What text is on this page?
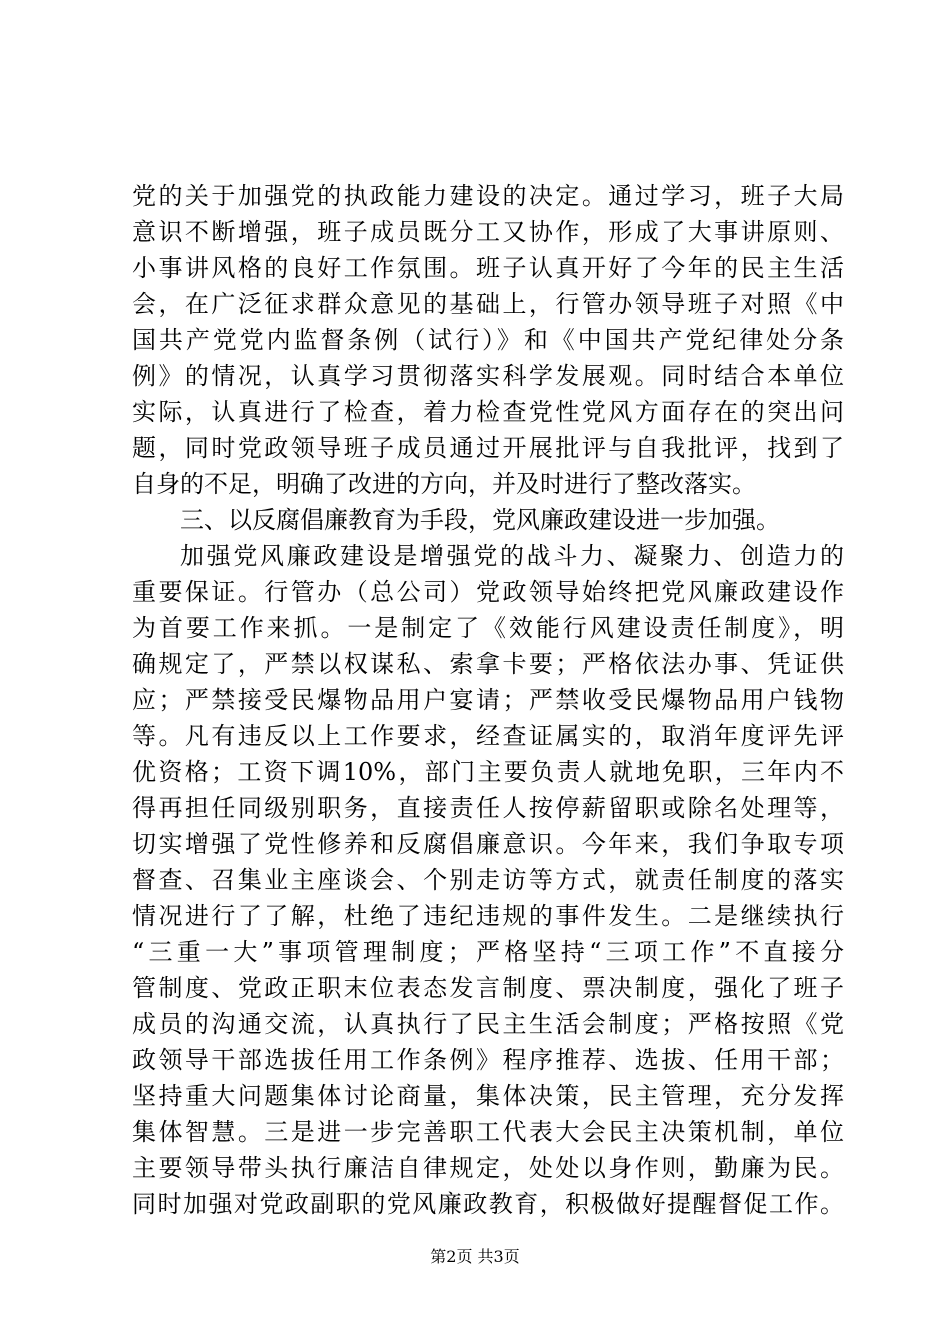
党的关于加强党的执政能力建设的决定。通过学习，班子大局
意识不断增强，班子成员既分工又协作，形成了大事讲原则、
小事讲风格的良好工作氛围。班子认真开好了今年的民主生活
会，在广泛征求群众意见的基础上，行管办领导班子对照《中
国共产党党内监督条例（试行）》和《中国共产党纪律处分条
例》的情况，认真学习贯彻落实科学发展观。同时结合本单位
实际，认真进行了检查，着力检查党性党风方面存在的突出问
题，同时党政领导班子成员通过开展批评与自我批评，找到了
自身的不足，明确了改进的方向，并及时进行了整改落实。
三、以反腐倡廉教育为手段，党风廉政建设进一步加强。
加强党风廉政建设是增强党的战斗力、凝聚力、创造力的
重要保证。行管办（总公司）党政领导始终把党风廉政建设作
为首要工作来抓。一是制定了《效能行风建设责任制度》，明
确规定了，严禁以权谋私、索拿卡要；严格依法办事、凭证供
应；严禁接受民爆物品用户宴请；严禁收受民爆物品用户钱物
等。凡有违反以上工作要求，经查证属实的，取消年度评先评
优资格；工资下调10%，部门主要负责人就地免职，三年内不
得再担任同级别职务，直接责任人按停薪留职或除名处理等，
切实增强了党性修养和反腐倡廉意识。今年来，我们争取专项
督查、召集业主座谈会、个别走访等方式，就责任制度的落实
情况进行了了解，杜绝了违纪违规的事件发生。二是继续执行
“三重一大”事项管理制度；严格坚持“三项工作”不直接分
管制度、党政正职末位表态发言制度、票决制度，强化了班子
成员的沟通交流，认真执行了民主生活会制度；严格按照《党
政领导干部选拔任用工作条例》程序推荐、选拔、任用干部；
坚持重大问题集体讨论商量，集体决策，民主管理，充分发挥
集体智慧。三是进一步完善职工代表大会民主决策机制，单位
主要领导带头执行廉洁自律规定，处处以身作则，勤廉为民。
同时加强对党政副职的党风廉政教育，积极做好提醒督促工作。
第2页 共3页
